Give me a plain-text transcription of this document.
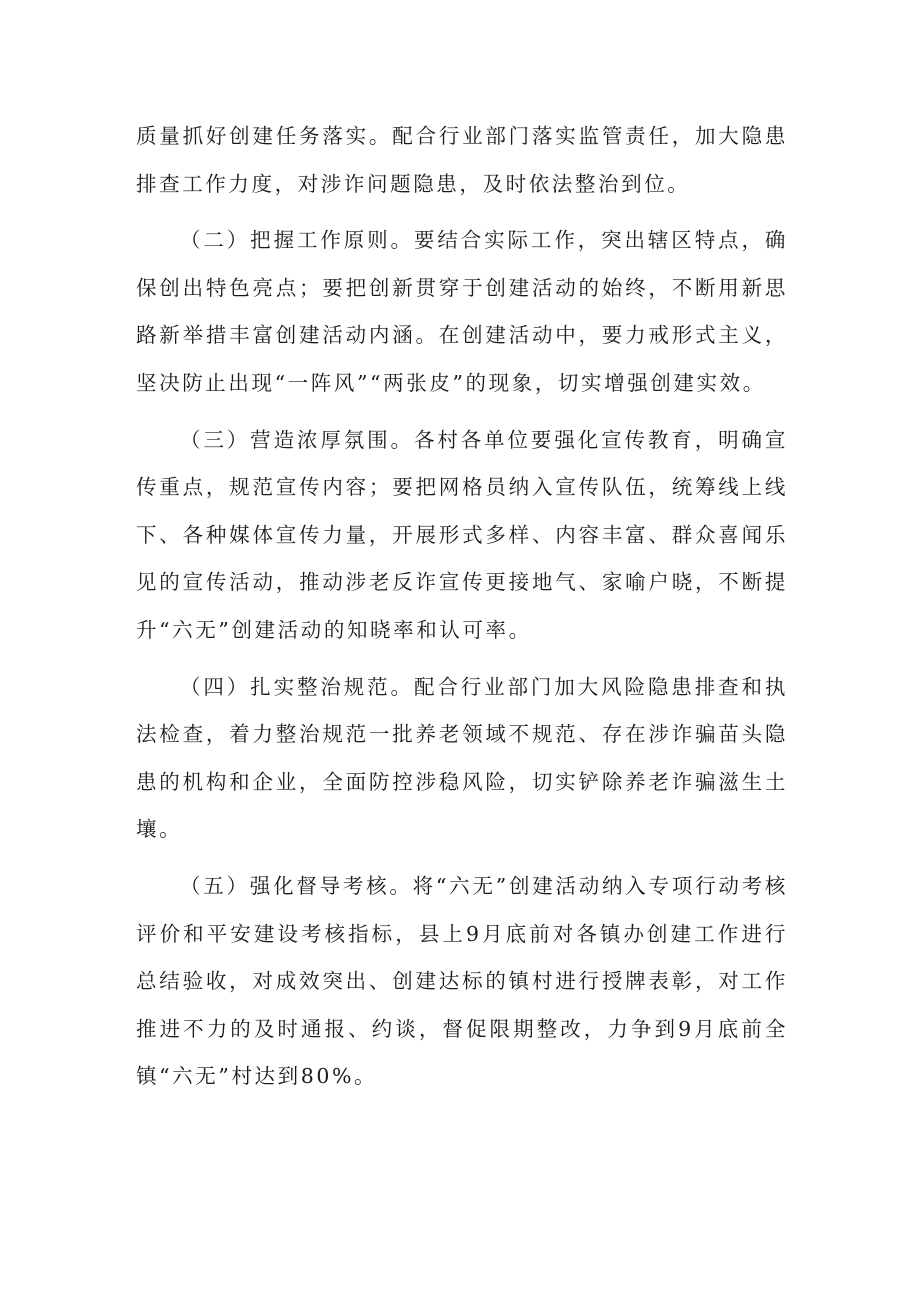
质量抓好创建任务落实。配合行业部门落实监管责任，加大隐患排查工作力度，对涉诈问题隐患，及时依法整治到位。

（二）把握工作原则。要结合实际工作，突出辖区特点，确保创出特色亮点；要把创新贯穿于创建活动的始终，不断用新思路新举措丰富创建活动内涵。在创建活动中，要力戒形式主义，坚决防止出现“一阵风”“两张皮”的现象，切实增强创建实效。

（三）营造浓厚氛围。各村各单位要强化宣传教育，明确宣传重点，规范宣传内容；要把网格员纳入宣传队伍，统筹线上线下、各种媒体宣传力量，开展形式多样、内容丰富、群众喜闻乐见的宣传活动，推动涉老反诈宣传更接地气、家喻户晓，不断提升“六无”创建活动的知晓率和认可率。

（四）扎实整治规范。配合行业部门加大风险隐患排查和执法检查，着力整治规范一批养老领域不规范、存在涉诈骗苗头隐患的机构和企业，全面防控涉稳风险，切实铲除养老诈骗滋生土壤。

（五）强化督导考核。将“六无”创建活动纳入专项行动考核评价和平安建设考核指标，县上9月底前对各镇办创建工作进行总结验收，对成效突出、创建达标的镇村进行授牌表彰，对工作推进不力的及时通报、约谈，督促限期整改，力争到9月底前全镇“六无”村达到80%。
